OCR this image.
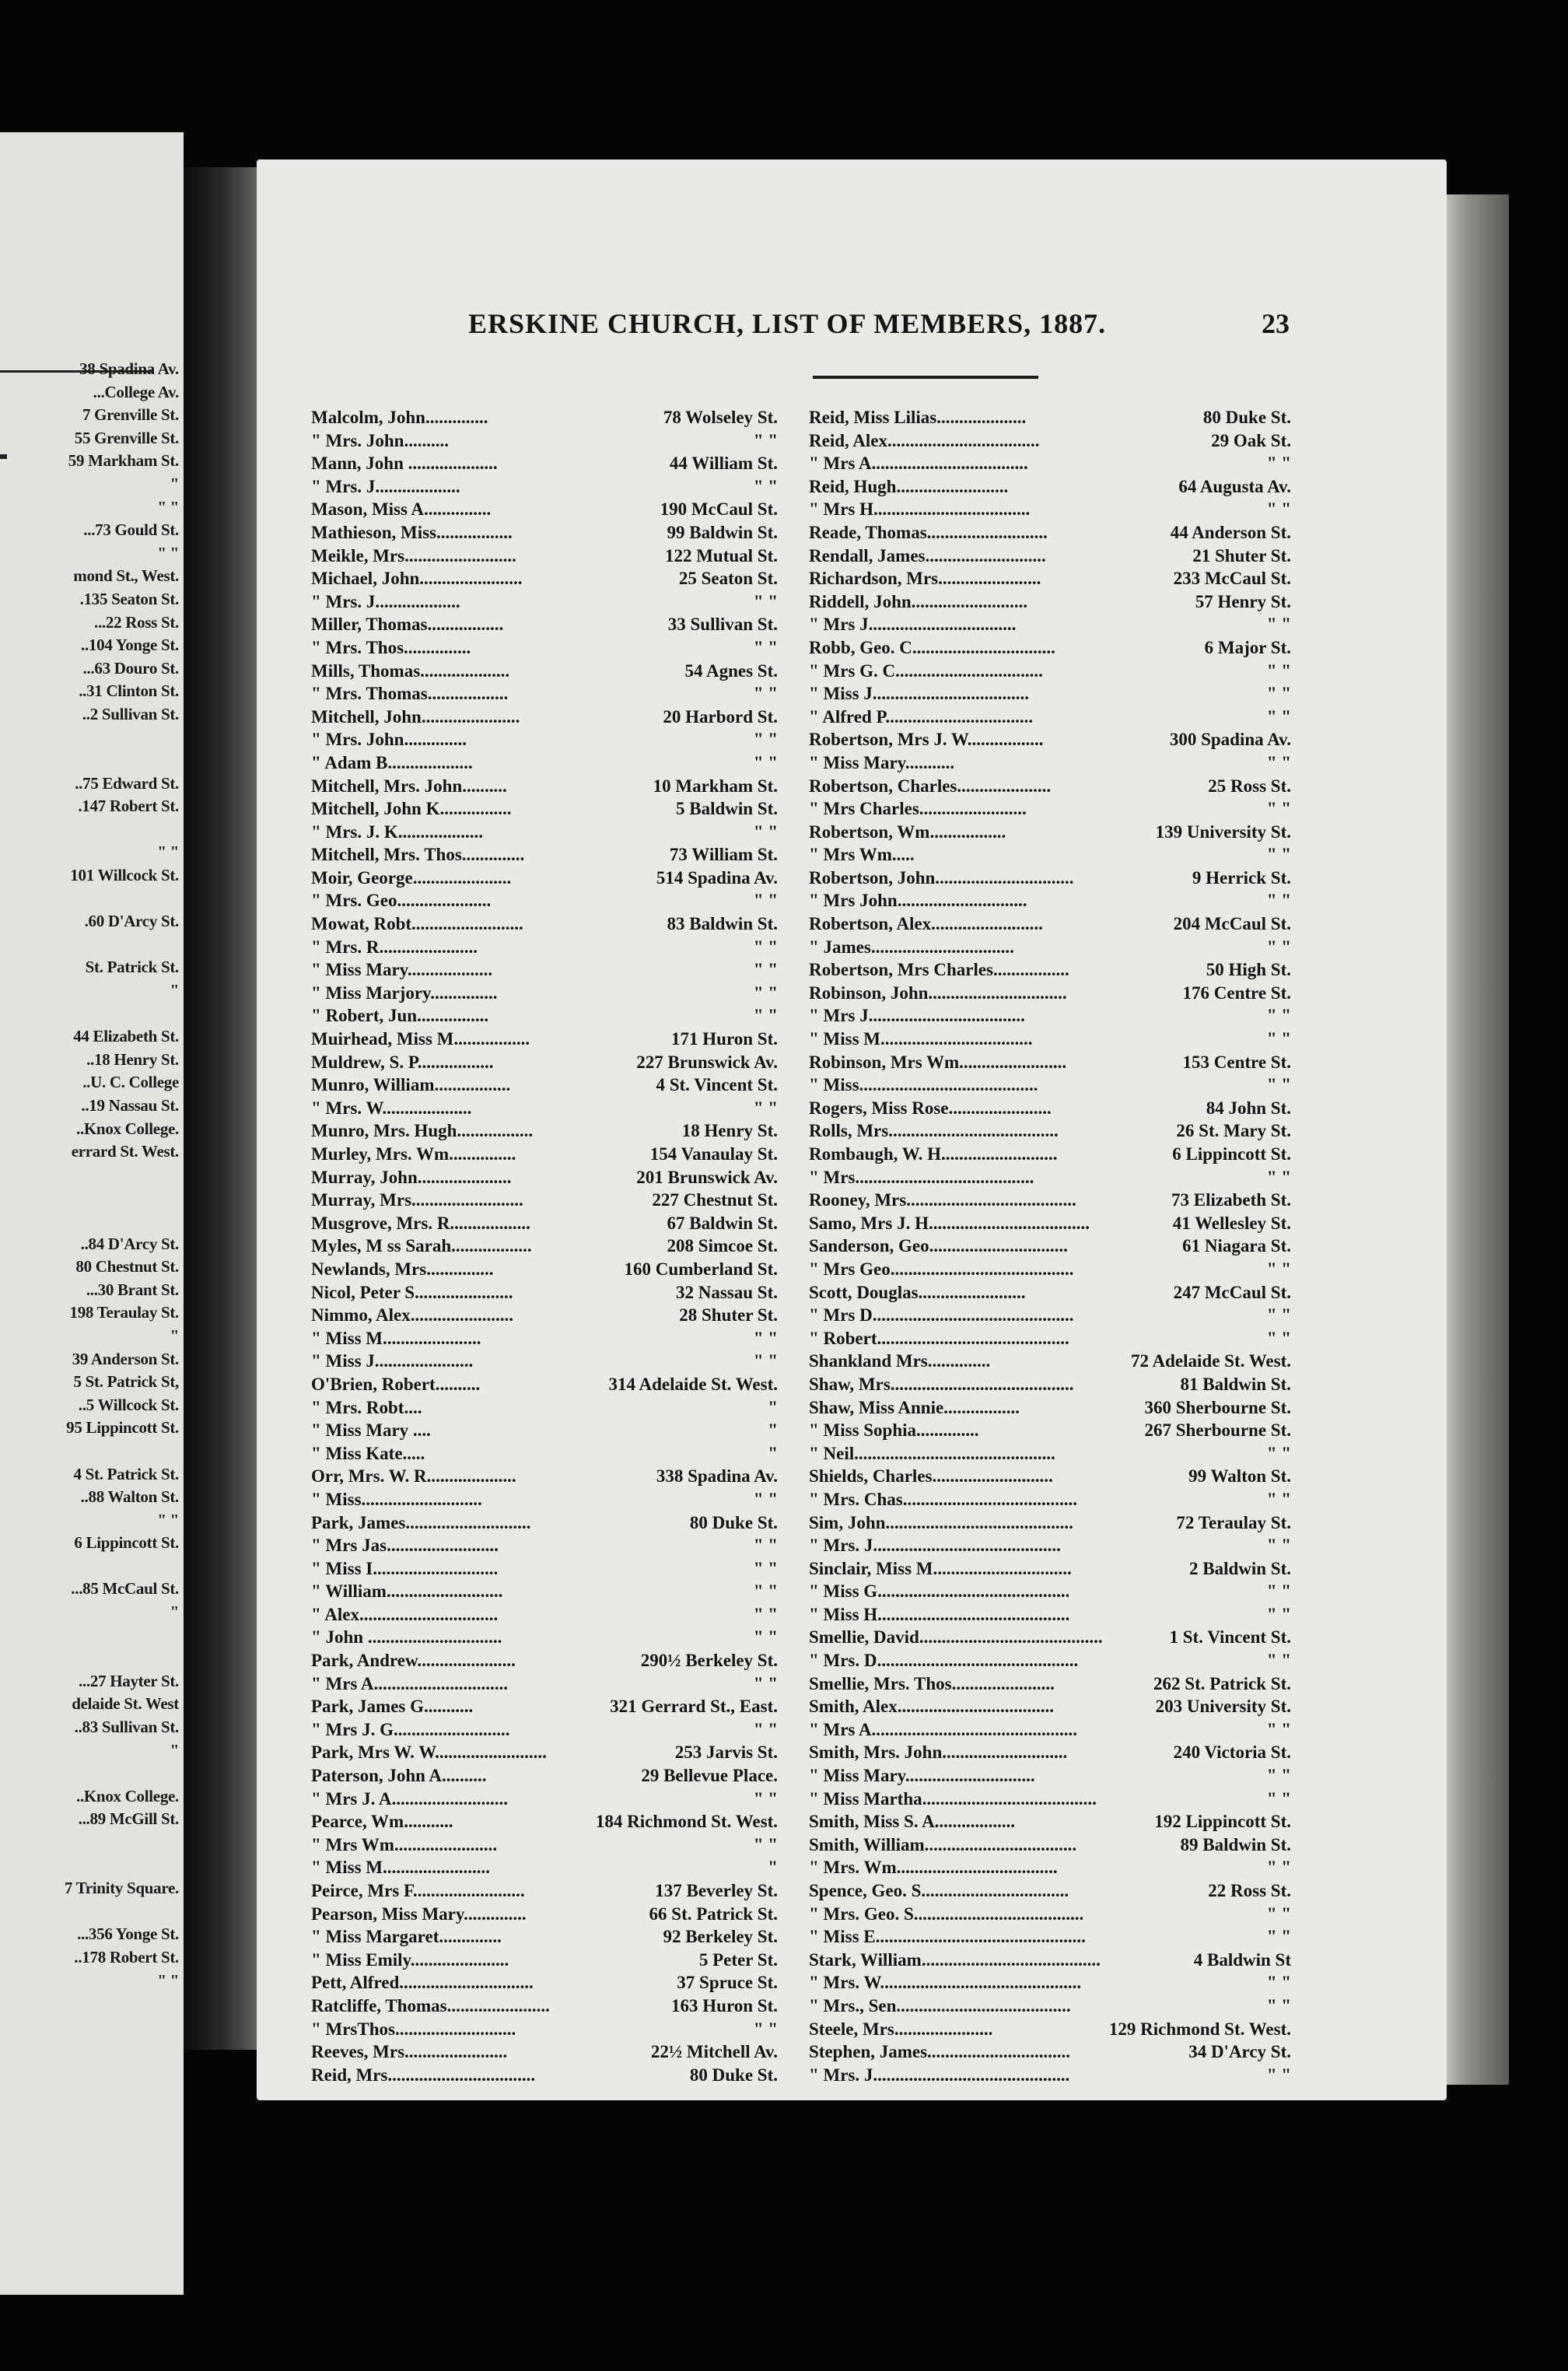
38 Spadina Av.
...College Av.
7 Grenville St.
55 Grenville St.
59 Markham St.
"
" "
...73 Gould St.
" "
mond St., West.
.135 Seaton St.
...22 Ross St.
..104 Yonge St.
...63 Douro St.
..31 Clinton St.
..2 Sullivan St.
..75 Edward St.
.147 Robert St.
" "
101 Willcock St.
.60 D'Arcy St.
St. Patrick St.
"
44 Elizabeth St.
..18 Henry St.
..U. C. College
..19 Nassau St.
..Knox College.
errard St. West.
..84 D'Arcy St.
80 Chestnut St.
...30 Brant St.
198 Teraulay St.
"
39 Anderson St.
5 St. Patrick St,
..5 Willcock St.
95 Lippincott St.
4 St. Patrick St.
..88 Walton St.
" "
6 Lippincott St.
...85 McCaul St.
"
...27 Hayter St.
delaide St. West
..83 Sullivan St.
"
..Knox College.
...89 McGill St.
7 Trinity Square.
...356 Yonge St.
..178 Robert St.
" "
ERSKINE CHURCH, LIST OF MEMBERS, 1887.	23
Malcolm, John..............	78 Wolseley St.
" Mrs. John..........	" "
Mann, John ....................	44 William St.
" Mrs. J...................	" "
Mason, Miss A...............	190 McCaul St.
Mathieson, Miss.................	99 Baldwin St.
Meikle, Mrs.........................	122 Mutual St.
Michael, John.......................	25 Seaton St.
" Mrs. J...................	" "
Miller, Thomas.................	33 Sullivan St.
" Mrs. Thos...............	" "
Mills, Thomas....................	54 Agnes St.
" Mrs. Thomas..................	" "
Mitchell, John......................	20 Harbord St.
" Mrs. John..............	" "
" Adam B...................	" "
Mitchell, Mrs. John..........	10 Markham St.
Mitchell, John K................	5 Baldwin St.
" Mrs. J. K...................	" "
Mitchell, Mrs. Thos..............	73 William St.
Moir, George......................	514 Spadina Av.
" Mrs. Geo.....................	" "
Mowat, Robt.........................	83 Baldwin St.
" Mrs. R......................	" "
" Miss Mary...................	" "
" Miss Marjory...............	" "
" Robert, Jun................	" "
Muirhead, Miss M.................	171 Huron St.
Muldrew, S. P.................	227 Brunswick Av.
Munro, William.................	4 St. Vincent St.
" Mrs. W....................	" "
Munro, Mrs. Hugh.................	18 Henry St.
Murley, Mrs. Wm...............	154 Vanaulay St.
Murray, John.....................	201 Brunswick Av.
Murray, Mrs.........................	227 Chestnut St.
Musgrove, Mrs. R..................	67 Baldwin St.
Myles, M ss Sarah..................	208 Simcoe St.
Newlands, Mrs...............	160 Cumberland St.
Nicol, Peter S......................	32 Nassau St.
Nimmo, Alex.......................	28 Shuter St.
" Miss M......................	" "
" Miss J......................	" "
O'Brien, Robert..........	314 Adelaide St. West.
" Mrs. Robt....	"
" Miss Mary ....	"
" Miss Kate.....	"
Orr, Mrs. W. R....................	338 Spadina Av.
" Miss...........................	" "
Park, James............................	80 Duke St.
" Mrs Jas.........................	" "
" Miss I............................	" "
" William..........................	" "
" Alex...............................	" "
" John ..............................	" "
Park, Andrew......................	290½ Berkeley St.
" Mrs A..............................	" "
Park, James G...........	321 Gerrard St., East.
" Mrs J. G..........................	" "
Park, Mrs W. W.........................	253 Jarvis St.
Paterson, John A..........	29 Bellevue Place.
" Mrs J. A..........................	" "
Pearce, Wm...........	184 Richmond St. West.
" Mrs Wm.......................	" "
" Miss M........................	"
Peirce, Mrs F.........................	137 Beverley St.
Pearson, Miss Mary..............	66 St. Patrick St.
" Miss Margaret..............	92 Berkeley St.
" Miss Emily......................	5 Peter St.
Pett, Alfred..............................	37 Spruce St.
Ratcliffe, Thomas.......................	163 Huron St.
" MrsThos...........................	" "
Reeves, Mrs.......................	22½ Mitchell Av.
Reid, Mrs.................................	80 Duke St.
Reid, Miss Lilias....................	80 Duke St.
Reid, Alex..................................	29 Oak St.
" Mrs A...................................	" "
Reid, Hugh.........................	64 Augusta Av.
" Mrs H...................................	" "
Reade, Thomas...........................	44 Anderson St.
Rendall, James...........................	21 Shuter St.
Richardson, Mrs.......................	233 McCaul St.
Riddell, John..........................	57 Henry St.
" Mrs J.................................	" "
Robb, Geo. C................................	6 Major St.
" Mrs G. C.................................	" "
" Miss J...................................	" "
" Alfred P.................................	" "
Robertson, Mrs J. W.................	300 Spadina Av.
" Miss Mary...........	" "
Robertson, Charles.....................	25 Ross St.
" Mrs Charles........................	" "
Robertson, Wm.................	139 University St.
" Mrs Wm.....	" "
Robertson, John...............................	9 Herrick St.
" Mrs John.............................	" "
Robertson, Alex.........................	204 McCaul St.
" James................................	" "
Robertson, Mrs Charles.................	50 High St.
Robinson, John...............................	176 Centre St.
" Mrs J...................................	" "
" Miss M..................................	" "
Robinson, Mrs Wm........................	153 Centre St.
" Miss........................................	" "
Rogers, Miss Rose.......................	84 John St.
Rolls, Mrs......................................	26 St. Mary St.
Rombaugh, W. H..........................	6 Lippincott St.
" Mrs........................................	" "
Rooney, Mrs......................................	73 Elizabeth St.
Samo, Mrs J. H....................................	41 Wellesley St.
Sanderson, Geo...............................	61 Niagara St.
" Mrs Geo.........................................	" "
Scott, Douglas........................	247 McCaul St.
" Mrs D.............................................	" "
" Robert...........................................	" "
Shankland Mrs..............	72 Adelaide St. West.
Shaw, Mrs.........................................	81 Baldwin St.
Shaw, Miss Annie.................	360 Sherbourne St.
" Miss Sophia..............	267 Sherbourne St.
" Neil.............................................	" "
Shields, Charles...........................	99 Walton St.
" Mrs. Chas.......................................	" "
Sim, John..........................................	72 Teraulay St.
" Mrs. J..........................................	" "
Sinclair, Miss M...............................	2 Baldwin St.
" Miss G...........................................	" "
" Miss H...........................................	" "
Smellie, David.........................................	1 St. Vincent St.
" Mrs. D.............................................	" "
Smellie, Mrs. Thos.......................	262 St. Patrick St.
Smith, Alex...................................	203 University St.
" Mrs A..............................................	" "
Smith, Mrs. John............................	240 Victoria St.
" Miss Mary.............................	" "
" Miss Martha.......................................	" "
Smith, Miss S. A..................	192 Lippincott St.
Smith, William..................................	89 Baldwin St.
" Mrs. Wm....................................	" "
Spence, Geo. S.................................	22 Ross St.
" Mrs. Geo. S......................................	" "
" Miss E...............................................	" "
Stark, William........................................	4 Baldwin St
" Mrs. W.............................................	" "
" Mrs., Sen.......................................	" "
Steele, Mrs......................	129 Richmond St. West.
Stephen, James................................	34 D'Arcy St.
" Mrs. J............................................	" "
